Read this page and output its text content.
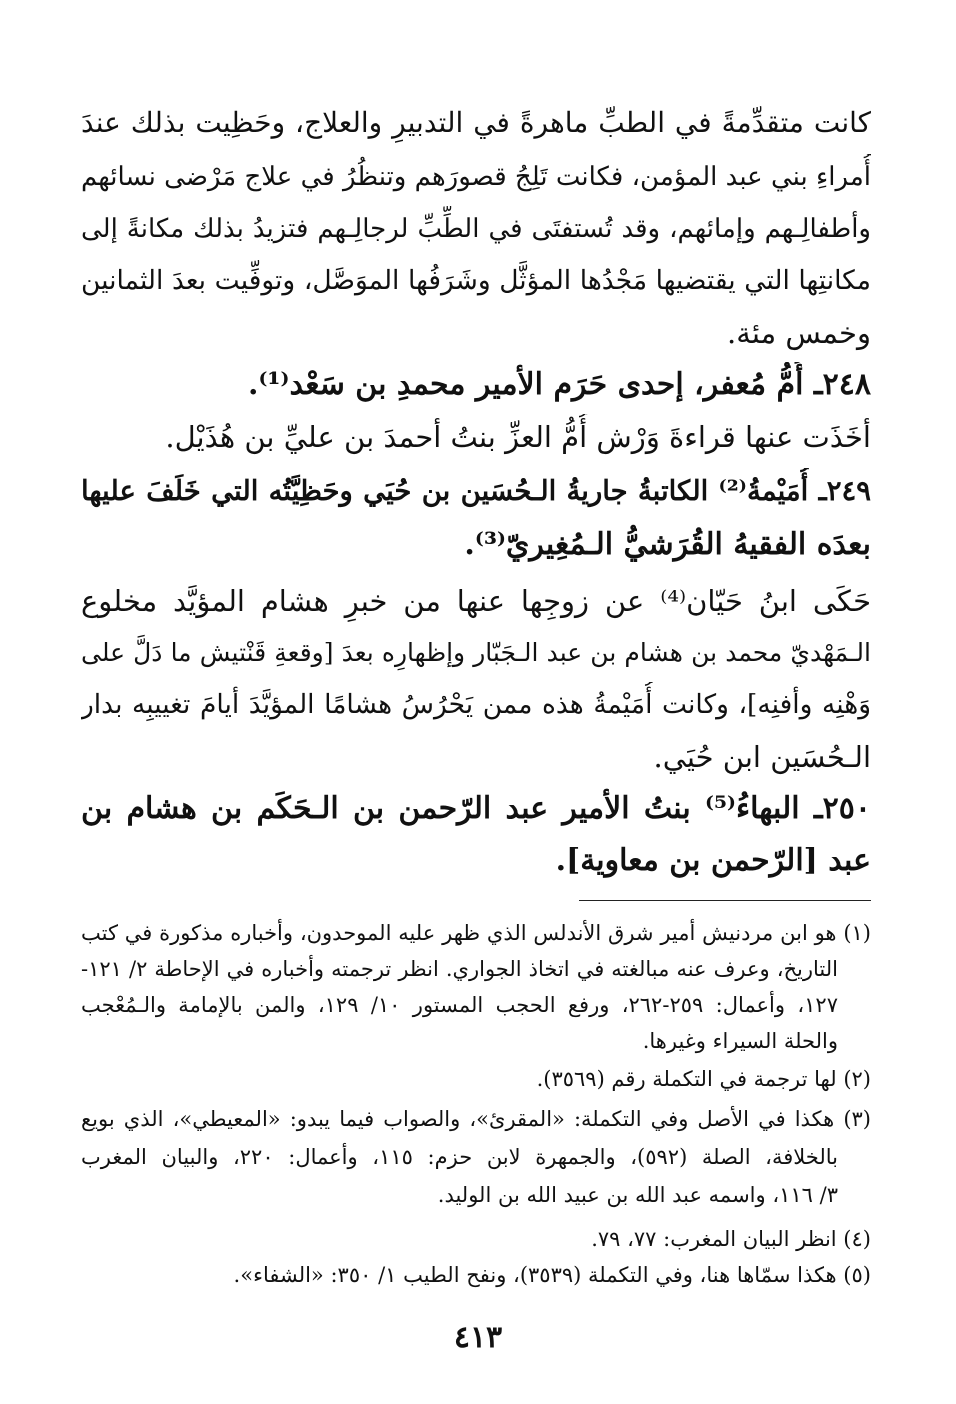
كانت متقدِّمةً في الطبِّ ماهرةً في التدبيرِ والعلاج، وحَظِيت بذلك عندَ
أُمراءِ بني عبد المؤمن، فكانت تَلِجُ قصورَهم وتنظُرُ في علاج مَرْضى نسائهم
وأطفالِـهم وإمائهم، وقد تُستفتَى في الطِّبِّ لرجالِـهم فتزيدُ بذلك مكانةً إلى
مكانتِها التي يقتضيها مَجْدُها المؤثَّل وشَرَفُها الموَصَّل، وتوفِّيت بعدَ الثمانين
وخمس مئة.
٢٤٨ـ أُمُّ مُعفر، إحدى حَرَم الأمير محمدِ بن سَعْد⁽¹⁾.
أخَذَت عنها قراءةَ وَرْش أُمُّ العزِّ بنتُ أحمدَ بن عليِّ بن هُذَيْل.
٢٤٩ـ أُمَيْمةُ⁽²⁾ الكاتبةُ جاريةُ الـحُسَين بن حُيَي وحَظِيَّتُه التي خَلَفَ عليها
بعدَه الفقيهُ القُرَشيُّ الـمُغِيريّ⁽³⁾.
حَكَى ابنُ حَيّان⁽⁴⁾ عن زوجِها عنها من خبرِ هشام المؤيَّد مخلوع
الـمَهْديّ محمد بن هشام بن عبد الـجَبّار وإظهارِه بعدَ [وقعةِ قَنْتيش ما دَلَّ على
وَهْنِه وأفنِه]، وكانت أُمَيْمةُ هذه ممن يَحْرُسُ هشامًا المؤيَّدَ أيامَ تغييبِه بدار
الـحُسَين ابن حُيَي.
٢٥٠ـ البهاءُ⁽⁵⁾ بنتُ الأمير عبد الرّحمن بن الـحَكَم بن هشام بن
عبد [الرّحمن بن معاوية].
(١) هو ابن مردنيش أمير شرق الأندلس الذي ظهر عليه الموحدون، وأخباره مذكورة في كتب
التاريخ، وعرف عنه مبالغته في اتخاذ الجواري. انظر ترجمته وأخباره في الإحاطة ٢/ ١٢١-
١٢٧، وأعمال: ٢٥٩-٢٦٢، ورفع الحجب المستور ١٠/ ١٢٩، والمن بالإمامة والـمُعْجب
والحلة السيراء وغيرها.
(٢) لها ترجمة في التكملة رقم (٣٥٦٩).
(٣) هكذا في الأصل وفي التكملة: «المقرئ»، والصواب فيما يبدو: «المعيطي»، الذي بويع
بالخلافة، الصلة (٥٩٢)، والجمهرة لابن حزم: ١١٥، وأعمال: ٢٢٠، والبيان المغرب
٣/ ١١٦، واسمه عبد الله بن عبيد الله بن الوليد.
(٤) انظر البيان المغرب: ٧٧، ٧٩.
(٥) هكذا سمّاها هنا، وفي التكملة (٣٥٣٩)، ونفح الطيب ١/ ٣٥٠: «الشفاء».
٤١٣
